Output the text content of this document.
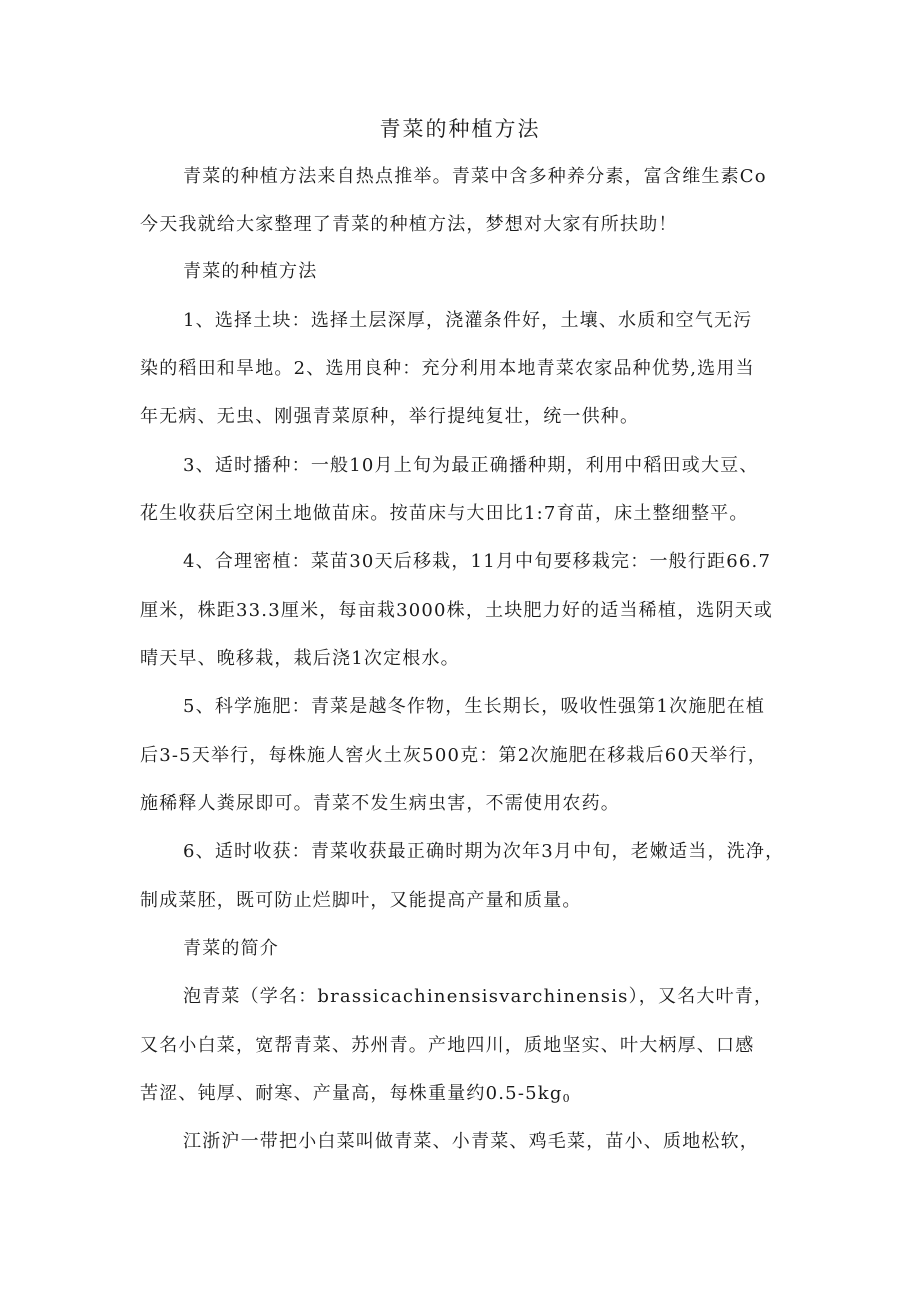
青菜的种植方法
青菜的种植方法来自热点推举。青菜中含多种养分素，富含维生素Co
今天我就给大家整理了青菜的种植方法，梦想对大家有所扶助！
青菜的种植方法
1、选择土块：选择土层深厚，浇灌条件好，土壤、水质和空气无污
染的稻田和旱地。2、选用良种：充分利用本地青菜农家品种优势,选用当
年无病、无虫、刚强青菜原种，举行提纯复壮，统一供种。
3、适时播种：一般10月上旬为最正确播种期，利用中稻田或大豆、
花生收获后空闲土地做苗床。按苗床与大田比1:7育苗，床土整细整平。
4、合理密植：菜苗30天后移栽，11月中旬要移栽完：一般行距66.7
厘米，株距33.3厘米，每亩栽3000株，土块肥力好的适当稀植，选阴天或
晴天早、晚移栽，栽后浇1次定根水。
5、科学施肥：青菜是越冬作物，生长期长，吸收性强第1次施肥在植
后3-5天举行，每株施人窖火土灰500克：第2次施肥在移栽后60天举行，
施稀释人粪尿即可。青菜不发生病虫害，不需使用农药。
6、适时收获：青菜收获最正确时期为次年3月中旬，老嫩适当，洗净，
制成菜胚，既可防止烂脚叶，又能提高产量和质量。
青菜的简介
泡青菜（学名：brassicachinensisvarchinensis），又名大叶青，
又名小白菜，宽帮青菜、苏州青。产地四川，质地坚实、叶大柄厚、口感
苦涩、钝厚、耐寒、产量高，每株重量约$0.5-5kg_0$
江浙沪一带把小白菜叫做青菜、小青菜、鸡毛菜，苗小、质地松软，
